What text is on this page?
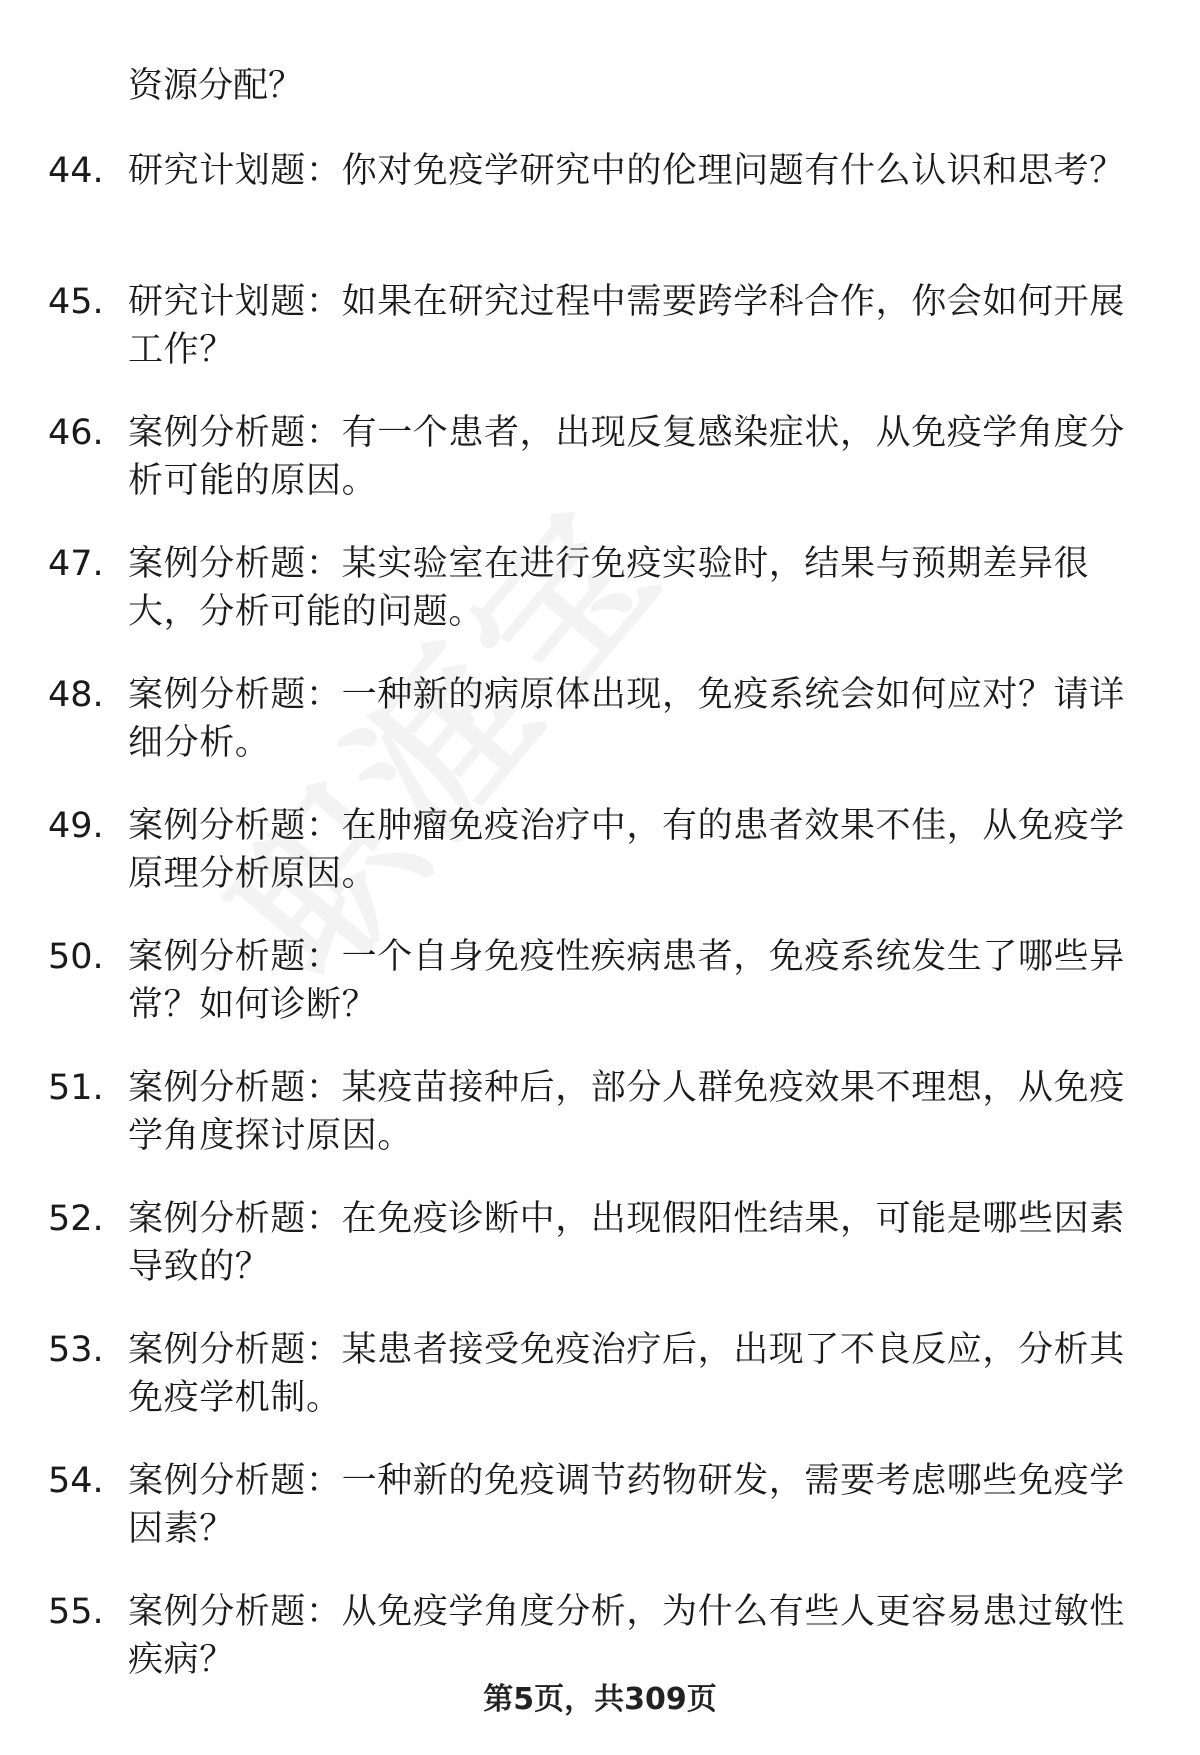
资源分配？
44. 研究计划题：你对免疫学研究中的伦理问题有什么认识和思考？
45. 研究计划题：如果在研究过程中需要跨学科合作，你会如何开展工作？
46. 案例分析题：有一个患者，出现反复感染症状，从免疫学角度分析可能的原因。
47. 案例分析题：某实验室在进行免疫实验时，结果与预期差异很大，分析可能的问题。
48. 案例分析题：一种新的病原体出现，免疫系统会如何应对？请详细分析。
49. 案例分析题：在肿瘤免疫治疗中，有的患者效果不佳，从免疫学原理分析原因。
50. 案例分析题：一个自身免疫性疾病患者，免疫系统发生了哪些异常？如何诊断？
51. 案例分析题：某疫苗接种后，部分人群免疫效果不理想，从免疫学角度探讨原因。
52. 案例分析题：在免疫诊断中，出现假阳性结果，可能是哪些因素导致的？
53. 案例分析题：某患者接受免疫治疗后，出现了不良反应，分析其免疫学机制。
54. 案例分析题：一种新的免疫调节药物研发，需要考虑哪些免疫学因素？
55. 案例分析题：从免疫学角度分析，为什么有些人更容易患过敏性疾病？
第5页，共309页
